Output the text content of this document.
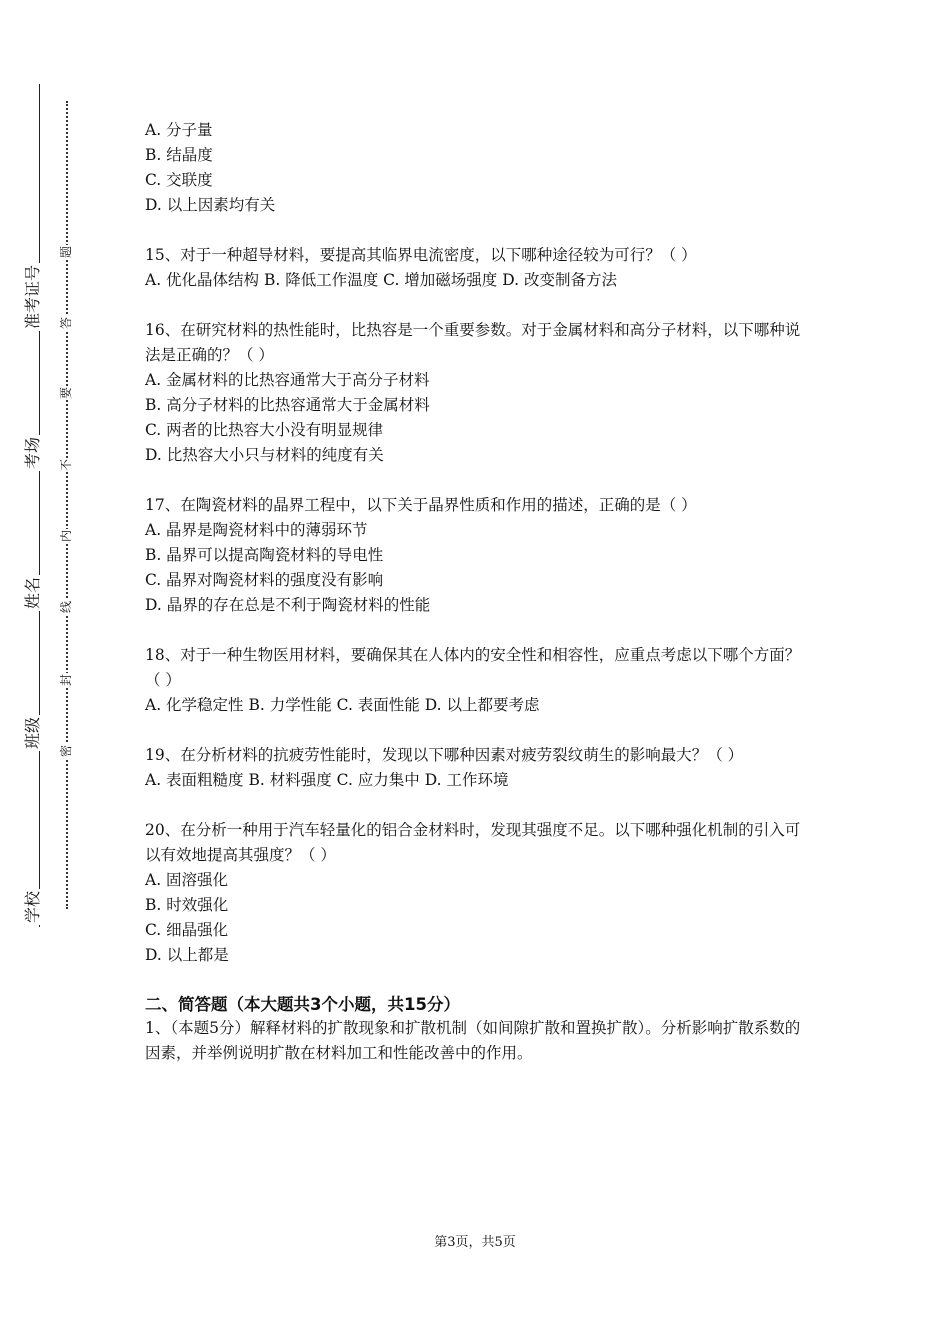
准考证号
考场
姓名
班级
学校
题
答
要
不
内
线
封
密

A. 分子量

B. 结晶度

C. 交联度

D. 以上因素均有关

15、对于一种超导材料，要提高其临界电流密度，以下哪种途径较为可行？（ ）

A. 优化晶体结构 B. 降低工作温度 C. 增加磁场强度 D. 改变制备方法

16、在研究材料的热性能时，比热容是一个重要参数。对于金属材料和高分子材料，以下哪种说法是正确的？（ ）

A. 金属材料的比热容通常大于高分子材料

B. 高分子材料的比热容通常大于金属材料

C. 两者的比热容大小没有明显规律

D. 比热容大小只与材料的纯度有关

17、在陶瓷材料的晶界工程中，以下关于晶界性质和作用的描述，正确的是（ ）

A. 晶界是陶瓷材料中的薄弱环节

B. 晶界可以提高陶瓷材料的导电性

C. 晶界对陶瓷材料的强度没有影响

D. 晶界的存在总是不利于陶瓷材料的性能

18、对于一种生物医用材料，要确保其在人体内的安全性和相容性，应重点考虑以下哪个方面？（ ）

A. 化学稳定性 B. 力学性能 C. 表面性能 D. 以上都要考虑

19、在分析材料的抗疲劳性能时，发现以下哪种因素对疲劳裂纹萌生的影响最大？（ ）

A. 表面粗糙度 B. 材料强度 C. 应力集中 D. 工作环境

20、在分析一种用于汽车轻量化的铝合金材料时，发现其强度不足。以下哪种强化机制的引入可以有效地提高其强度？（ ）

A. 固溶强化

B. 时效强化

C. 细晶强化

D. 以上都是

二、简答题（本大题共3个小题，共15分）

1、（本题5分）解释材料的扩散现象和扩散机制（如间隙扩散和置换扩散）。分析影响扩散系数的因素，并举例说明扩散在材料加工和性能改善中的作用。

第3页，共5页
